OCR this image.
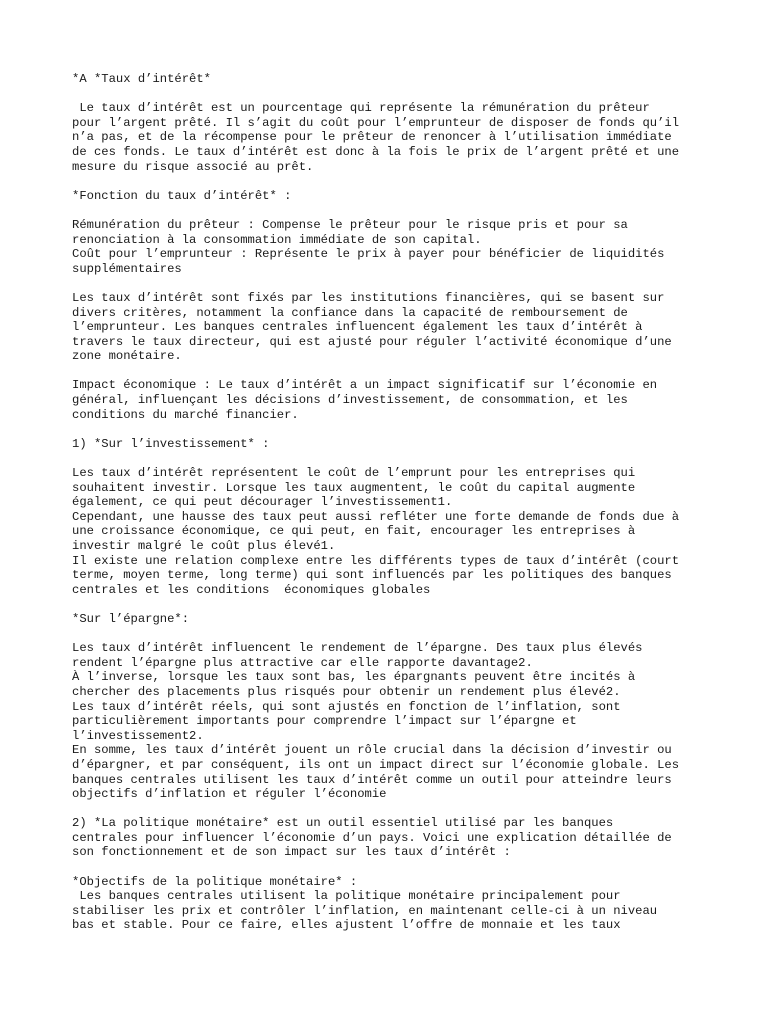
*A *Taux d’intérêt*
Le taux d’intérêt est un pourcentage qui représente la rémunération du prêteur
pour l’argent prêté. Il s’agit du coût pour l’emprunteur de disposer de fonds qu’il
n’a pas, et de la récompense pour le prêteur de renoncer à l’utilisation immédiate
de ces fonds. Le taux d’intérêt est donc à la fois le prix de l’argent prêté et une
mesure du risque associé au prêt.
*Fonction du taux d’intérêt* :
Rémunération du prêteur : Compense le prêteur pour le risque pris et pour sa
renonciation à la consommation immédiate de son capital.
Coût pour l’emprunteur : Représente le prix à payer pour bénéficier de liquidités
supplémentaires
Les taux d’intérêt sont fixés par les institutions financières, qui se basent sur
divers critères, notamment la confiance dans la capacité de remboursement de
l’emprunteur. Les banques centrales influencent également les taux d’intérêt à
travers le taux directeur, qui est ajusté pour réguler l’activité économique d’une
zone monétaire.
Impact économique : Le taux d’intérêt a un impact significatif sur l’économie en
général, influençant les décisions d’investissement, de consommation, et les
conditions du marché financier.
1) *Sur l’investissement* :
Les taux d’intérêt représentent le coût de l’emprunt pour les entreprises qui
souhaitent investir. Lorsque les taux augmentent, le coût du capital augmente
également, ce qui peut décourager l’investissement1.
Cependant, une hausse des taux peut aussi refléter une forte demande de fonds due à
une croissance économique, ce qui peut, en fait, encourager les entreprises à
investir malgré le coût plus élevé1.
Il existe une relation complexe entre les différents types de taux d’intérêt (court
terme, moyen terme, long terme) qui sont influencés par les politiques des banques
centrales et les conditions  économiques globales
*Sur l’épargne*:
Les taux d’intérêt influencent le rendement de l’épargne. Des taux plus élevés
rendent l’épargne plus attractive car elle rapporte davantage2.
À l’inverse, lorsque les taux sont bas, les épargnants peuvent être incités à
chercher des placements plus risqués pour obtenir un rendement plus élevé2.
Les taux d’intérêt réels, qui sont ajustés en fonction de l’inflation, sont
particulièrement importants pour comprendre l’impact sur l’épargne et
l’investissement2.
En somme, les taux d’intérêt jouent un rôle crucial dans la décision d’investir ou
d’épargner, et par conséquent, ils ont un impact direct sur l’économie globale. Les
banques centrales utilisent les taux d’intérêt comme un outil pour atteindre leurs
objectifs d’inflation et réguler l’économie
2) *La politique monétaire* est un outil essentiel utilisé par les banques
centrales pour influencer l’économie d’un pays. Voici une explication détaillée de
son fonctionnement et de son impact sur les taux d’intérêt :
*Objectifs de la politique monétaire* :
Les banques centrales utilisent la politique monétaire principalement pour
stabiliser les prix et contrôler l’inflation, en maintenant celle-ci à un niveau
bas et stable. Pour ce faire, elles ajustent l’offre de monnaie et les taux
